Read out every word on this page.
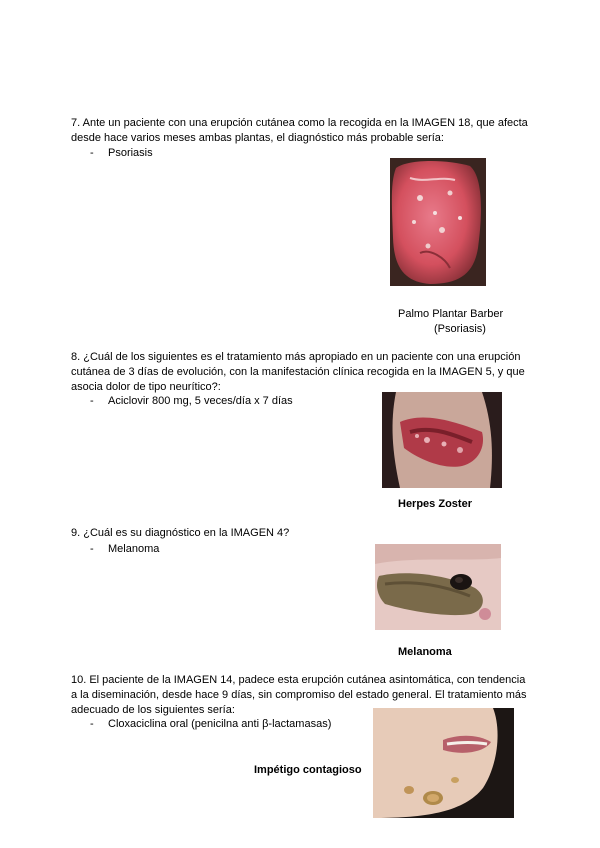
7. Ante un paciente con una erupción cutánea como la recogida en la IMAGEN 18, que afecta desde hace varios meses ambas plantas, el diagnóstico más probable sería:
- Psoriasis
Palmo Plantar Barber
(Psoriasis)
8. ¿Cuál de los siguientes es el tratamiento más apropiado en un paciente con una erupción cutánea de 3 días de evolución, con la manifestación clínica recogida en la IMAGEN 5, y que asocia dolor de tipo neurítico?:
- Aciclovir 800 mg, 5 veces/día x 7 días
Herpes Zoster
9. ¿Cuál es su diagnóstico en la IMAGEN 4?
- Melanoma
Melanoma
10. El paciente de la IMAGEN 14, padece esta erupción cutánea asintomática, con tendencia a la diseminación, desde hace 9 días, sin compromiso del estado general. El tratamiento más adecuado de los siguientes sería:
- Cloxaciclina oral (penicilna anti β-lactamasas)
Impétigo contagioso
